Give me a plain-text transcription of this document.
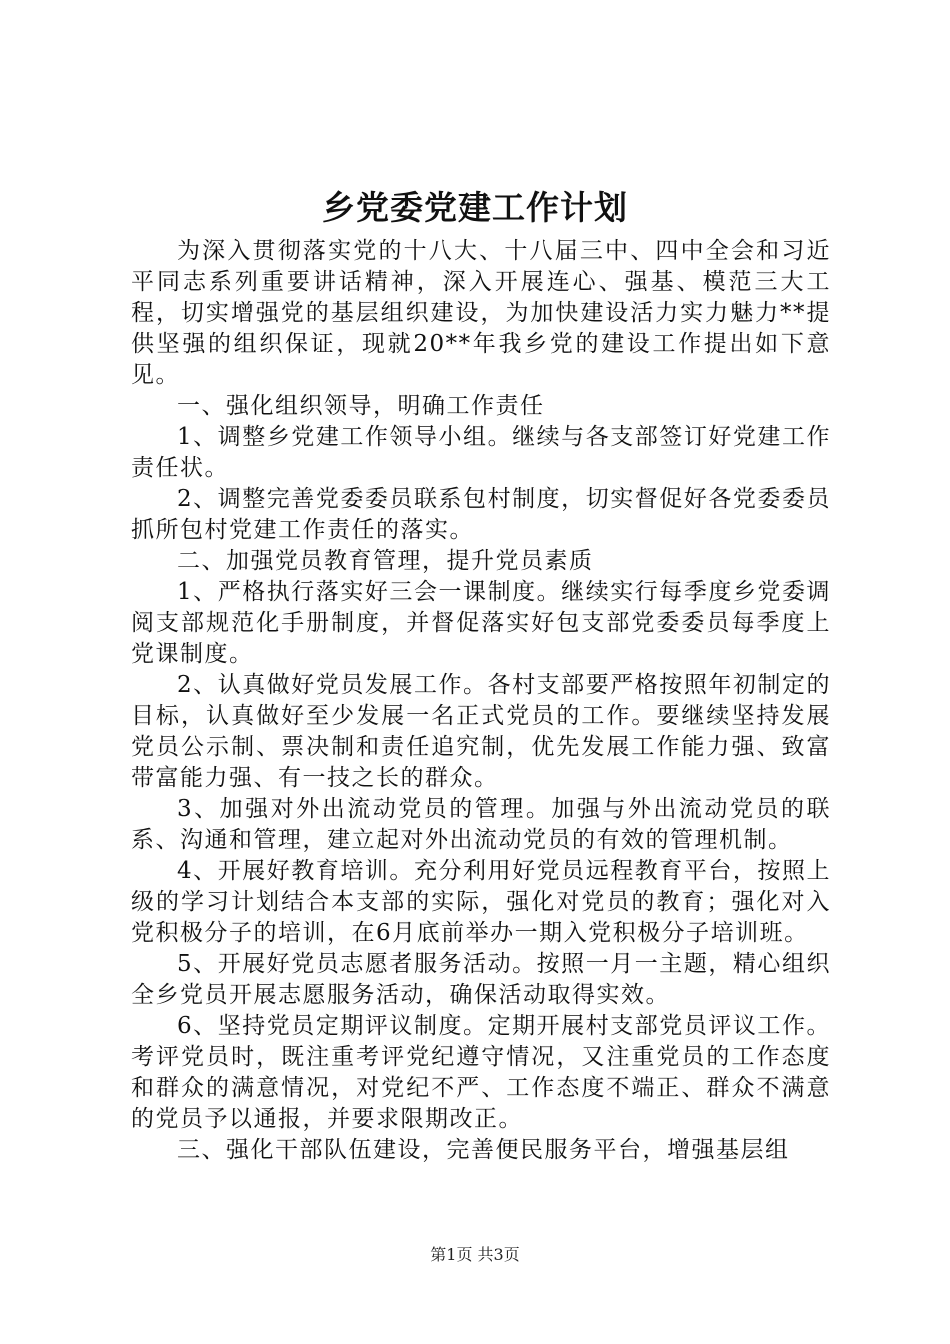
乡党委党建工作计划

为深入贯彻落实党的十八大、十八届三中、四中全会和习近平同志系列重要讲话精神，深入开展连心、强基、模范三大工程，切实增强党的基层组织建设，为加快建设活力实力魅力**提供坚强的组织保证，现就20**年我乡党的建设工作提出如下意见。

一、强化组织领导，明确工作责任

1、调整乡党建工作领导小组。继续与各支部签订好党建工作责任状。

2、调整完善党委委员联系包村制度，切实督促好各党委委员抓所包村党建工作责任的落实。

二、加强党员教育管理，提升党员素质

1、严格执行落实好三会一课制度。继续实行每季度乡党委调阅支部规范化手册制度，并督促落实好包支部党委委员每季度上党课制度。

2、认真做好党员发展工作。各村支部要严格按照年初制定的目标，认真做好至少发展一名正式党员的工作。要继续坚持发展党员公示制、票决制和责任追究制，优先发展工作能力强、致富带富能力强、有一技之长的群众。

3、加强对外出流动党员的管理。加强与外出流动党员的联系、沟通和管理，建立起对外出流动党员的有效的管理机制。

4、开展好教育培训。充分利用好党员远程教育平台，按照上级的学习计划结合本支部的实际，强化对党员的教育；强化对入党积极分子的培训，在6月底前举办一期入党积极分子培训班。

5、开展好党员志愿者服务活动。按照一月一主题，精心组织全乡党员开展志愿服务活动，确保活动取得实效。

6、坚持党员定期评议制度。定期开展村支部党员评议工作。考评党员时，既注重考评党纪遵守情况，又注重党员的工作态度和群众的满意情况，对党纪不严、工作态度不端正、群众不满意的党员予以通报，并要求限期改正。

三、强化干部队伍建设，完善便民服务平台，增强基层组

第1页 共3页
